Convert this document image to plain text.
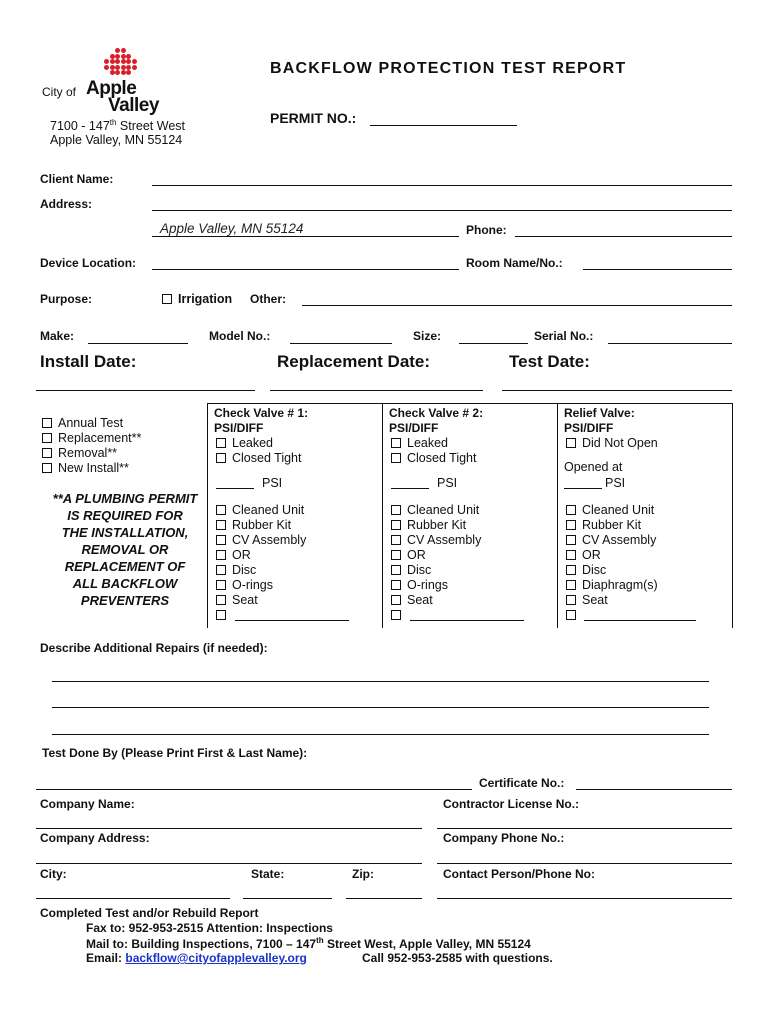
City of Apple
Valley
7100 - 147th Street West
Apple Valley, MN 55124
BACKFLOW PROTECTION TEST REPORT
PERMIT NO.:
Client Name:
Address:
Apple Valley, MN 55124	Phone:
Device Location:	Room Name/No.:
Purpose:	Irrigation Other:
Make:	Model No.:	Size:	Serial No.:
Install Date:	Replacement Date:	Test Date:
Annual Test
Replacement**
Removal**
New Install**
**A PLUMBING PERMIT
IS REQUIRED FOR
THE INSTALLATION,
REMOVAL OR
REPLACEMENT OF
ALL BACKFLOW
PREVENTERS
Check Valve # 1:
PSI/DIFF
Leaked
Closed Tight
PSI
Cleaned Unit
Rubber Kit
CV Assembly
OR
Disc
O-rings
Seat
Check Valve # 2:
PSI/DIFF
Leaked
Closed Tight
PSI
Cleaned Unit
Rubber Kit
CV Assembly
OR
Disc
O-rings
Seat
Relief Valve:
PSI/DIFF
Did Not Open
Opened at
PSI
Cleaned Unit
Rubber Kit
CV Assembly
OR
Disc
Diaphragm(s)
Seat
Describe Additional Repairs (if needed):
Test Done By (Please Print First & Last Name):
Certificate No.:
Company Name:	Contractor License No.:
Company Address:	Company Phone No.:
City:	State:	Zip:	Contact Person/Phone No:
Completed Test and/or Rebuild Report
Fax to: 952-953-2515 Attention: Inspections
Mail to: Building Inspections, 7100 – 147th Street West, Apple Valley, MN 55124
Email: backflow@cityofapplevalley.org	Call 952-953-2585 with questions.
